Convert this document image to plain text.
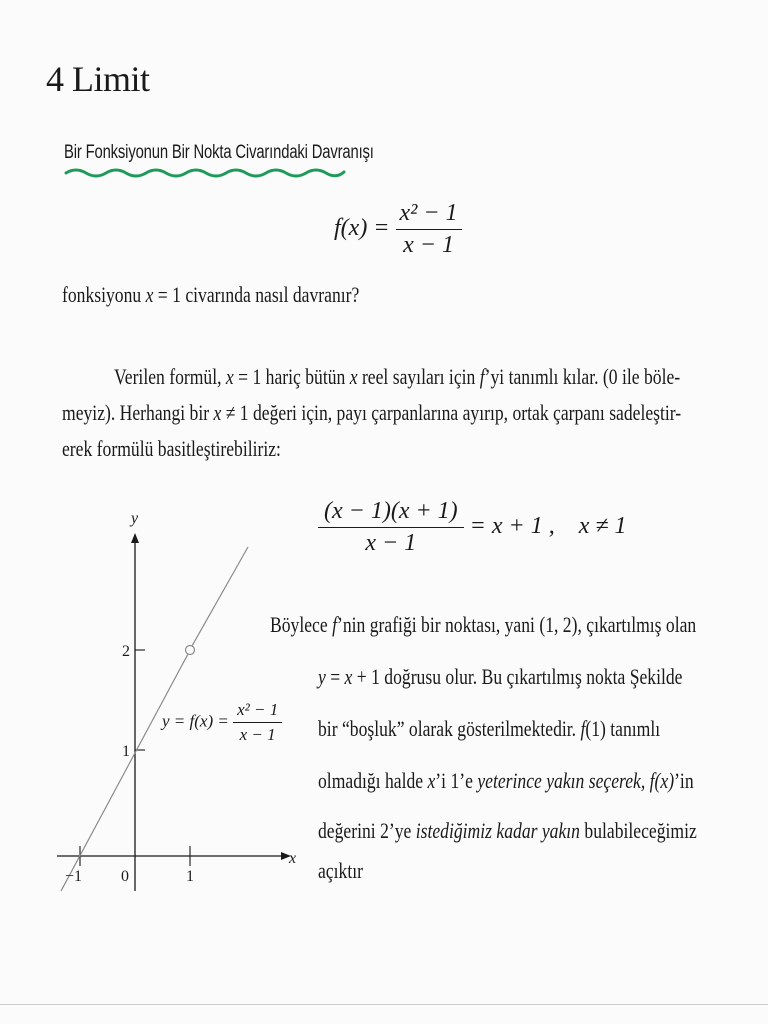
4 Limit
Bir Fonksiyonun Bir Nokta Civarındaki Davranışı
$f(x) = \frac{\text{x² − 1}}{x - 1}$
fonksiyonu x = 1 civarında nasıl davranır?
Verilen formül, x = 1 hariç bütün x reel sayıları için f’yi tanımlı kılar. (0 ile böle-
meyiz). Herhangi bir x ≠ 1 değeri için, payı çarpanlarına ayırıp, ortak çarpanı sadeleştir-
erek formülü basitleştirebiliriz:
$\frac{(x - 1)(x + 1)}{x - 1} = x + 1$ , x ≠ 1
Böylece f’nin grafiği bir noktası, yani (1, 2), çıkartılmış olan
y = x + 1 doğrusu olur. Bu çıkartılmış nokta Şekilde
bir “boşluk” olarak gösterilmektedir. f(1) tanımlı
olmadığı halde x’i 1’e yeterince yakın seçerek, f(x)’in
değerini 2’ye istediğimiz kadar yakın bulabileceğimiz
açıktır
y
x
−1 0	1
1
2
$y = f(x) = \frac{\text{x² − 1}}{x - 1}$
